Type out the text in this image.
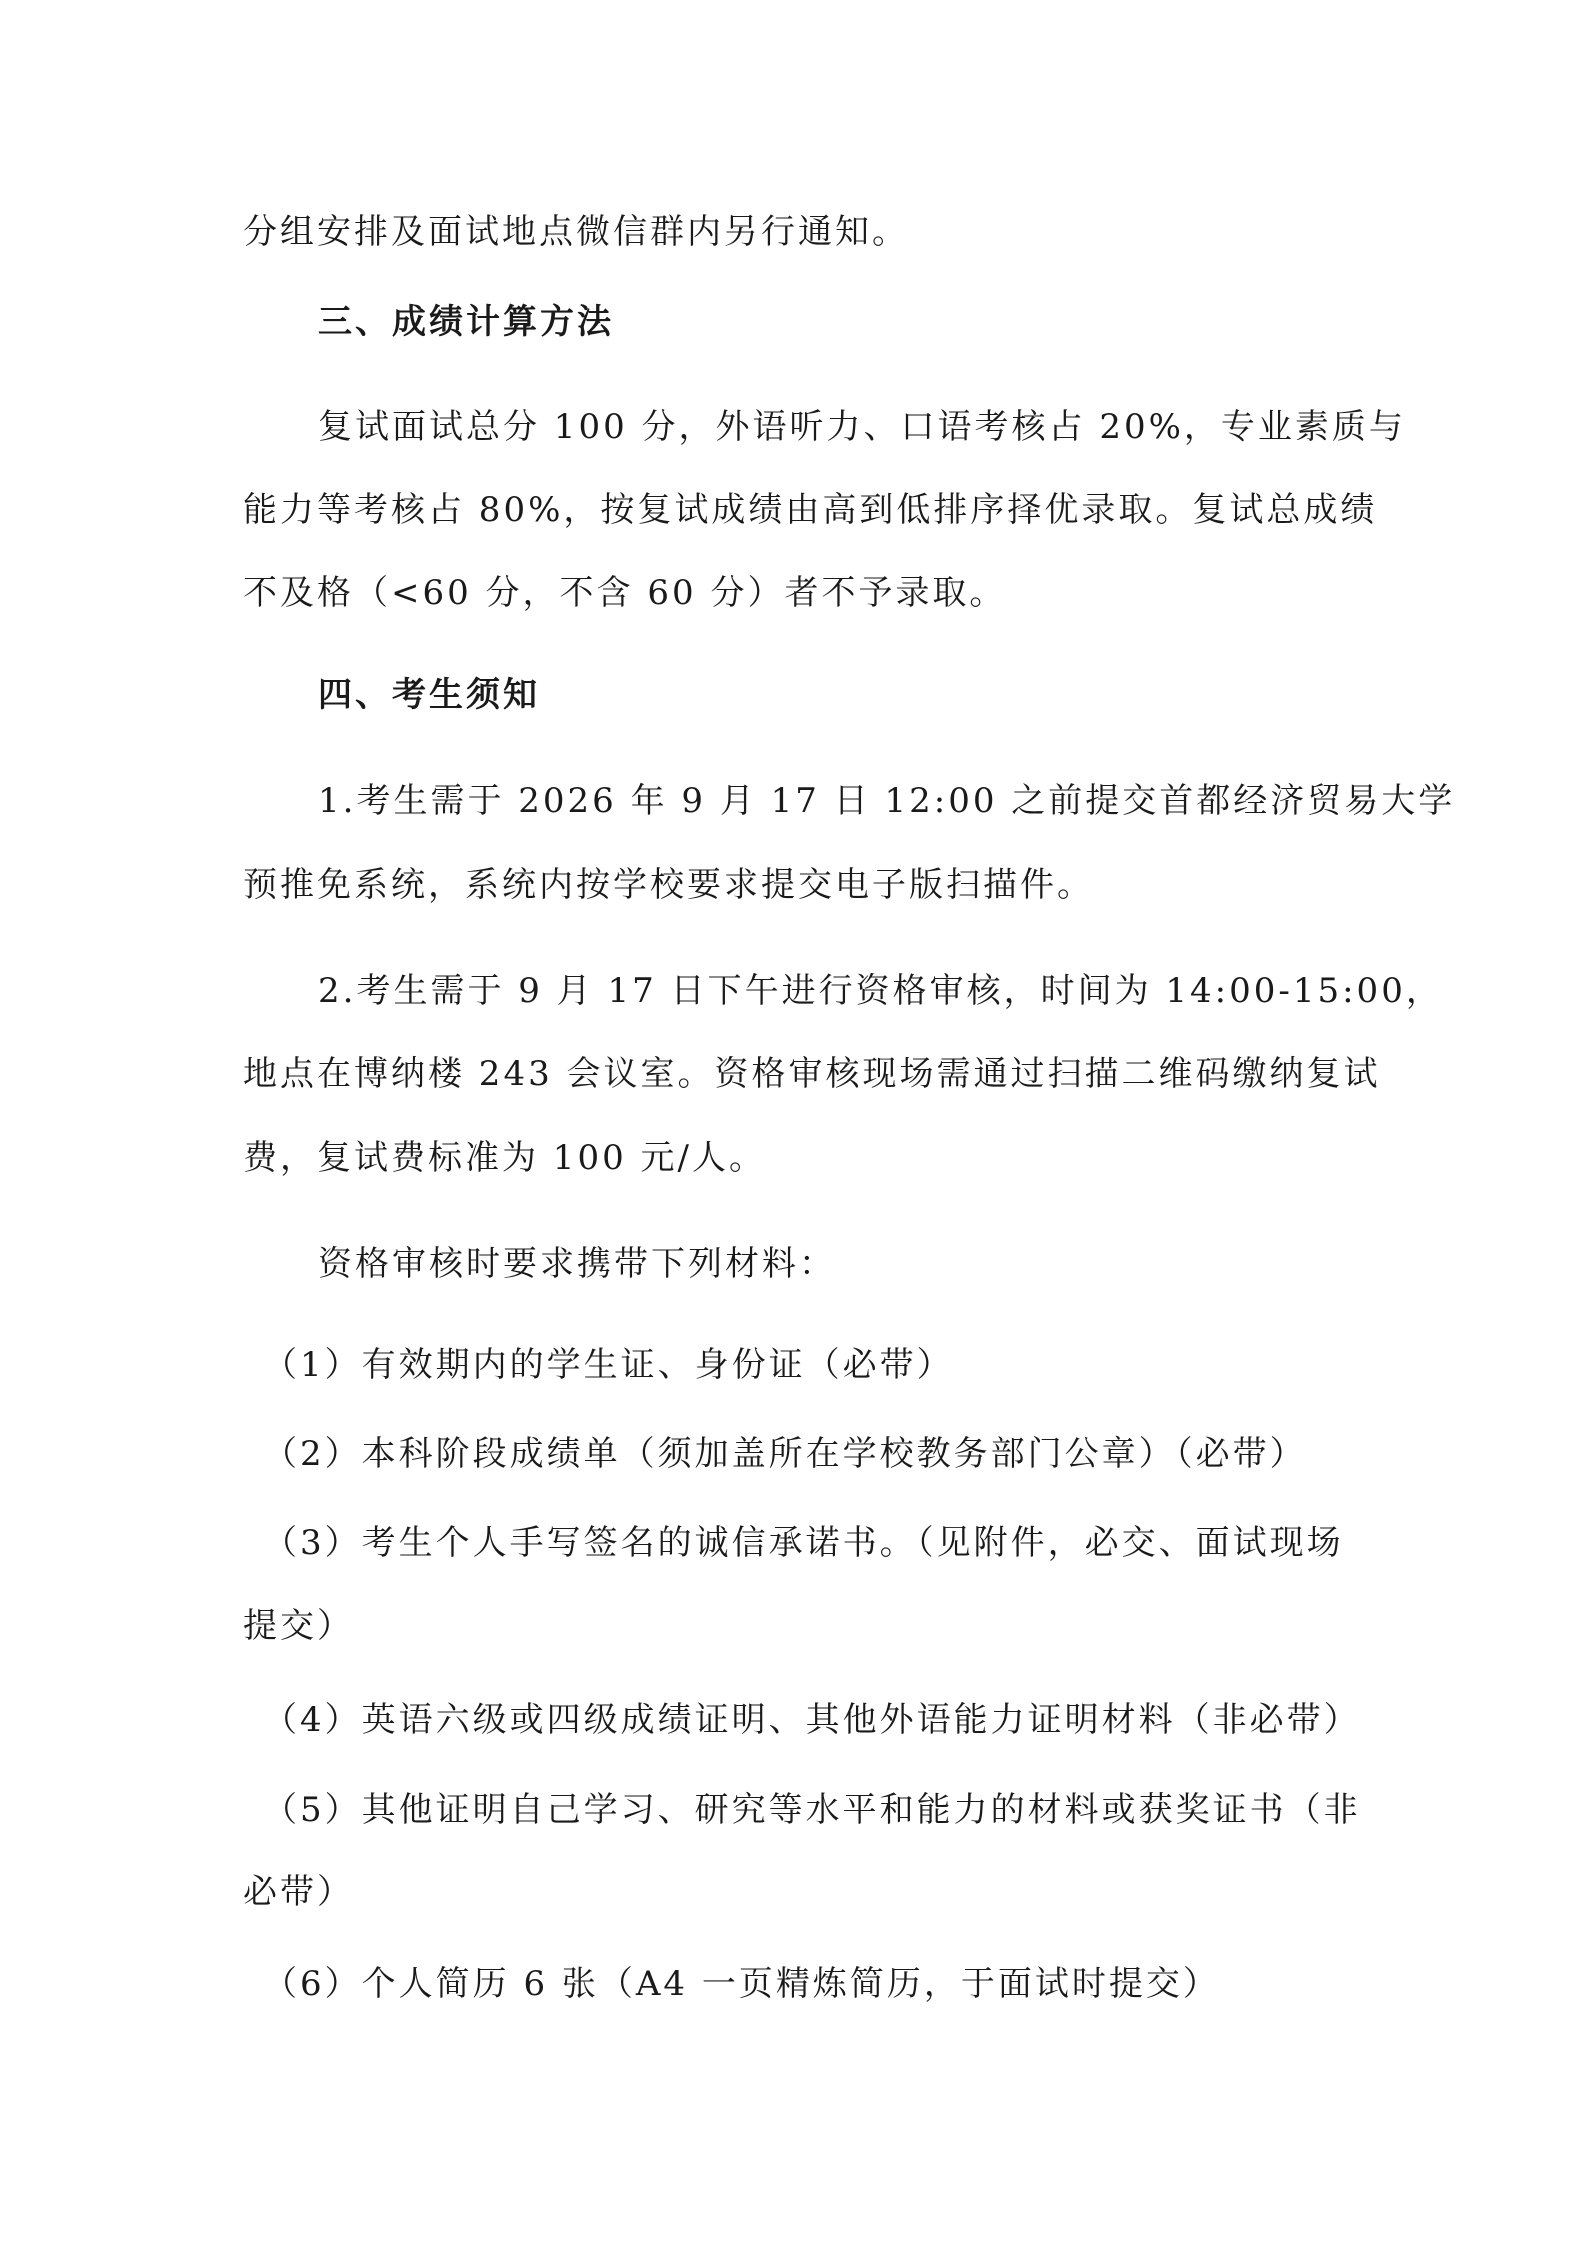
分组安排及面试地点微信群内另行通知。
三、成绩计算方法
复试面试总分 100 分，外语听力、口语考核占 20%，专业素质与
能力等考核占 80%，按复试成绩由高到低排序择优录取。复试总成绩
不及格（<60 分，不含 60 分）者不予录取。
四、考生须知
1.考生需于 2026 年 9 月 17 日 12:00 之前提交首都经济贸易大学
预推免系统，系统内按学校要求提交电子版扫描件。
2.考生需于 9 月 17 日下午进行资格审核，时间为 14:00-15:00，
地点在博纳楼 243 会议室。资格审核现场需通过扫描二维码缴纳复试
费，复试费标准为 100 元/人。
资格审核时要求携带下列材料：
（1）有效期内的学生证、身份证（必带）
（2）本科阶段成绩单（须加盖所在学校教务部门公章）（必带）
（3）考生个人手写签名的诚信承诺书。（见附件，必交、面试现场
提交）
（4）英语六级或四级成绩证明、其他外语能力证明材料（非必带）
（5）其他证明自己学习、研究等水平和能力的材料或获奖证书（非
必带）
（6）个人简历 6 张（A4 一页精炼简历，于面试时提交）
